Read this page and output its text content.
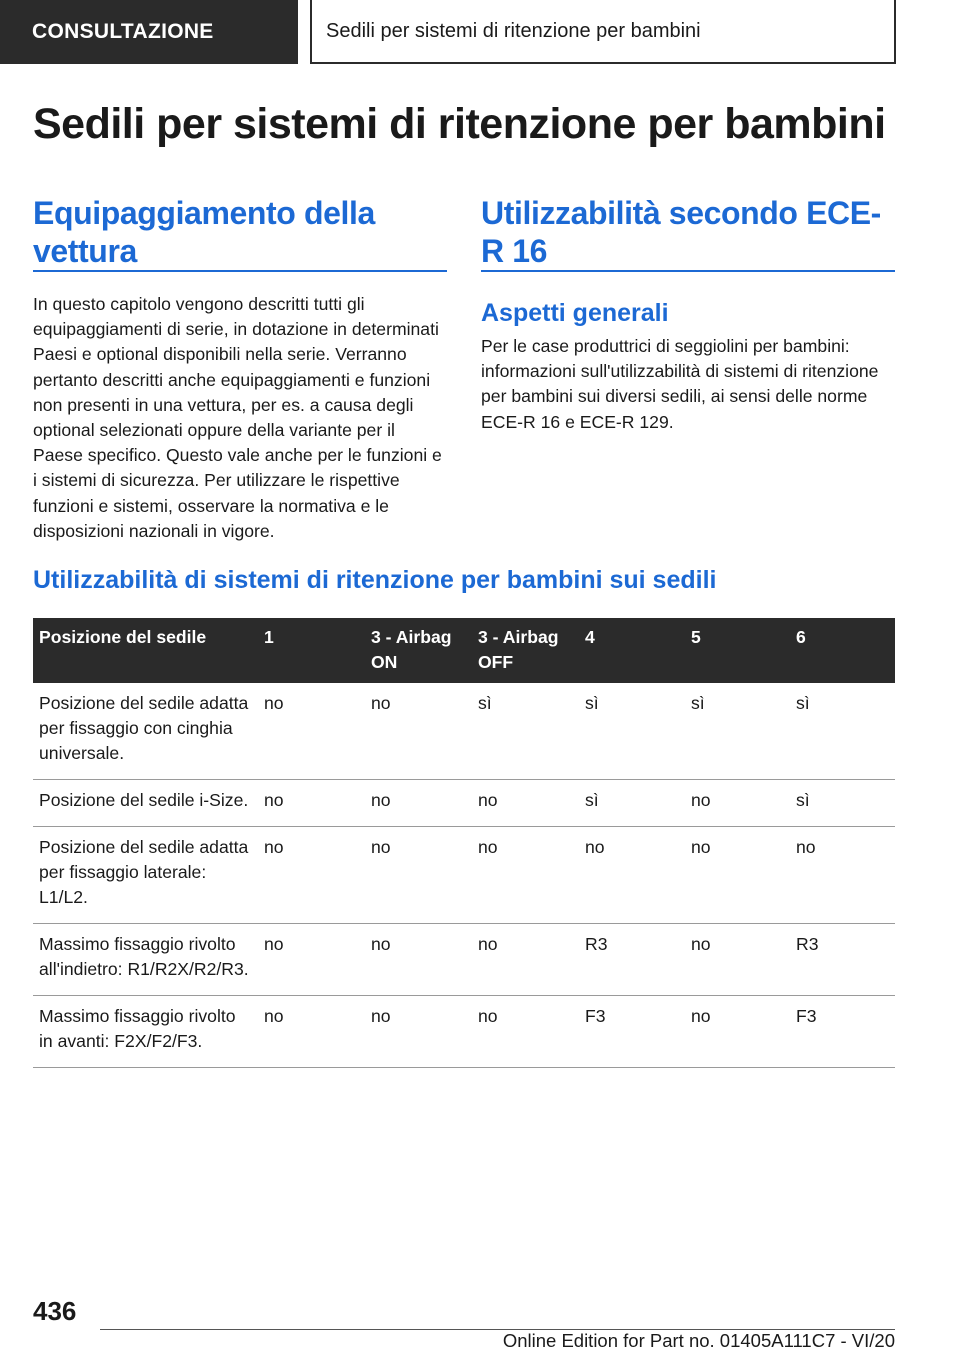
CONSULTAZIONE	Sedili per sistemi di ritenzione per bambini
Sedili per sistemi di ritenzione per bambini
Equipaggiamento della vettura

In questo capitolo vengono descritti tutti gli equipaggiamenti di serie, in dotazione in determinati Paesi e optional disponibili nella serie. Verranno pertanto descritti anche equipaggiamenti e funzioni non presenti in una vettura, per es. a causa degli optional selezionati oppure della variante per il Paese specifico. Questo vale anche per le funzioni e i sistemi di sicurezza. Per utilizzare le rispettive funzioni e sistemi, osservare la normativa e le disposizioni nazionali in vigore.

Utilizzabilità secondo ECE-R 16
Aspetti generali

Per le case produttrici di seggiolini per bambini: informazioni sull'utilizzabilità di sistemi di ritenzione per bambini sui diversi sedili, ai sensi delle norme ECE-R 16 e ECE-R 129.

Utilizzabilità di sistemi di ritenzione per bambini sui sedili
Posizione del sedile	1	3 - Airbag ON	3 - Airbag OFF	4	5	6
Posizione del sedile adatta per fissaggio con cinghia universale.	no	no	sì	sì	sì	sì
Posizione del sedile i-Size.	no	no	no	sì	no	sì
Posizione del sedile adatta per fissaggio laterale: L1/L2.	no	no	no	no	no	no
Massimo fissaggio rivolto all'indietro: R1/R2X/R2/R3.	no	no	no	R3	no	R3
Massimo fissaggio rivolto in avanti: F2X/F2/F3.	no	no	no	F3	no	F3
436
Online Edition for Part no. 01405A111C7 - VI/20
